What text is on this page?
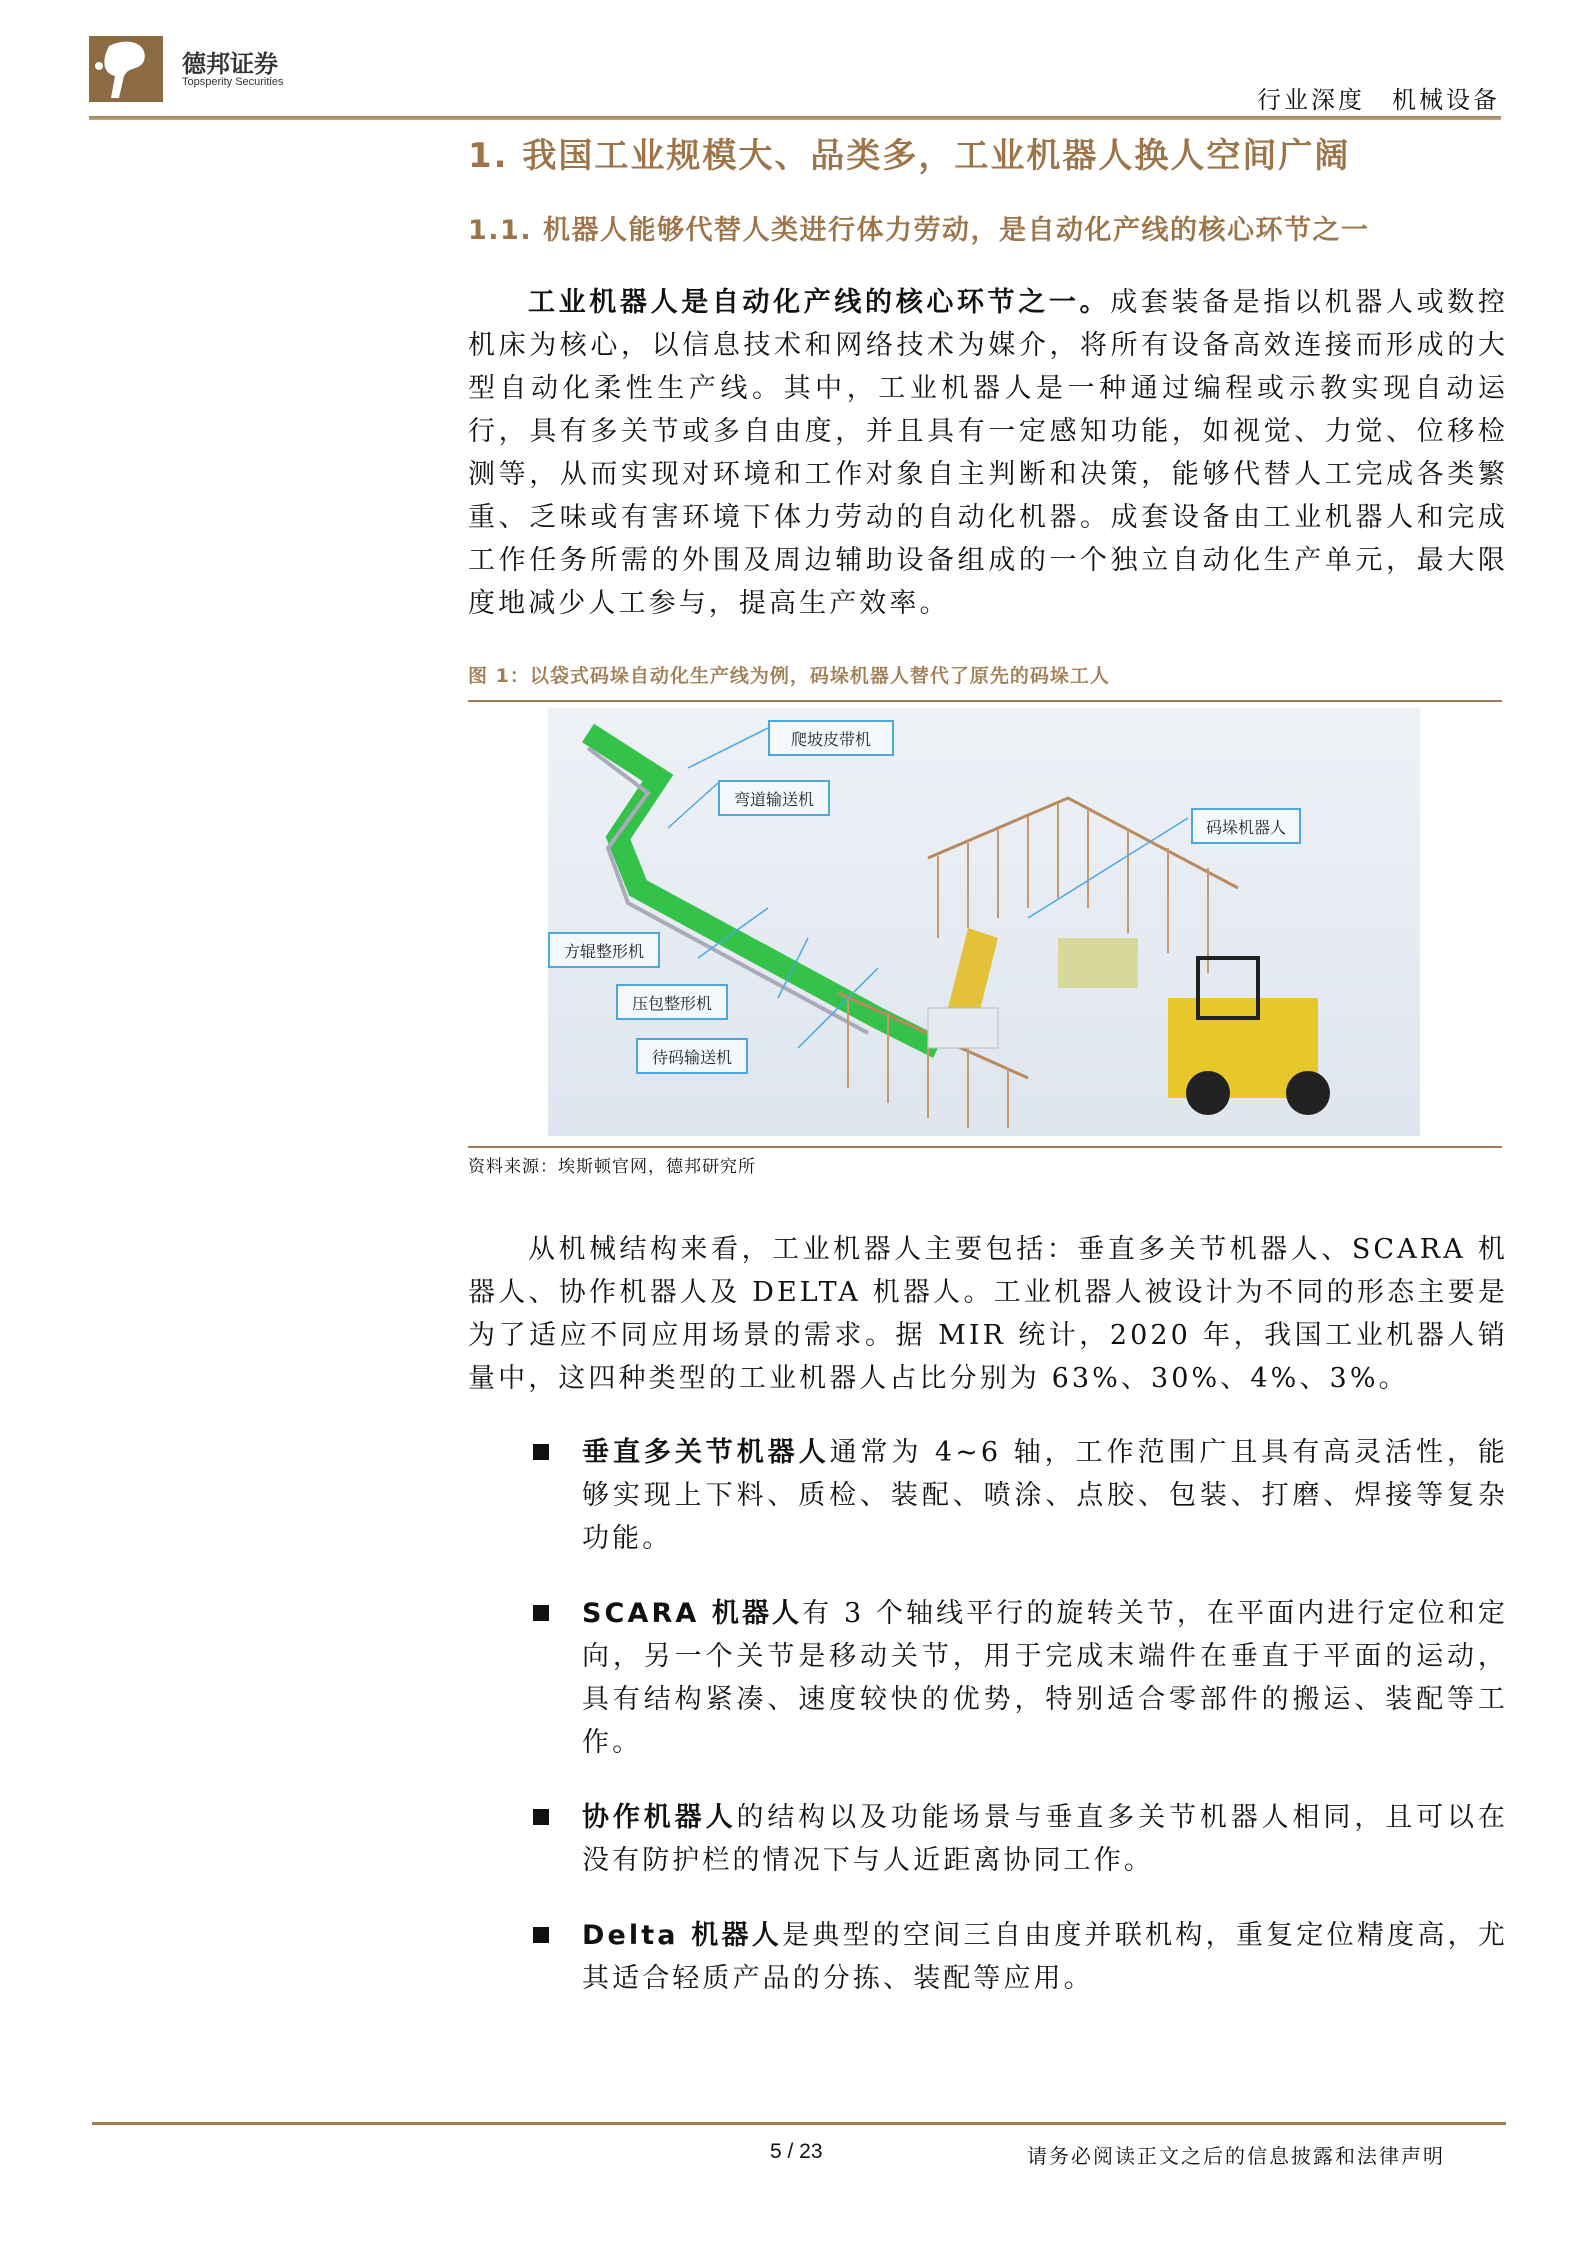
德邦证券
Topsperity Securities
行业深度　机械设备
1. 我国工业规模大、品类多，工业机器人换人空间广阔
1.1. 机器人能够代替人类进行体力劳动，是自动化产线的核心环节之一
工业机器人是自动化产线的核心环节之一。成套装备是指以机器人或数控机床为核心，以信息技术和网络技术为媒介，将所有设备高效连接而形成的大型自动化柔性生产线。其中，工业机器人是一种通过编程或示教实现自动运行，具有多关节或多自由度，并且具有一定感知功能，如视觉、力觉、位移检测等，从而实现对环境和工作对象自主判断和决策，能够代替人工完成各类繁重、乏味或有害环境下体力劳动的自动化机器。成套设备由工业机器人和完成工作任务所需的外围及周边辅助设备组成的一个独立自动化生产单元，最大限度地减少人工参与，提高生产效率。
图 1：以袋式码垛自动化生产线为例，码垛机器人替代了原先的码垛工人
爬坡皮带机
弯道输送机
码垛机器人
方辊整形机
压包整形机
待码输送机
资料来源：埃斯顿官网，德邦研究所
从机械结构来看，工业机器人主要包括：垂直多关节机器人、SCARA 机器人、协作机器人及 DELTA 机器人。工业机器人被设计为不同的形态主要是为了适应不同应用场景的需求。据 MIR 统计，2020 年，我国工业机器人销量中，这四种类型的工业机器人占比分别为 63%、30%、4%、3%。
垂直多关节机器人通常为 4~6 轴，工作范围广且具有高灵活性，能够实现上下料、质检、装配、喷涂、点胶、包装、打磨、焊接等复杂功能。
SCARA 机器人有 3 个轴线平行的旋转关节，在平面内进行定位和定向，另一个关节是移动关节，用于完成末端件在垂直于平面的运动，具有结构紧凑、速度较快的优势，特别适合零部件的搬运、装配等工作。
协作机器人的结构以及功能场景与垂直多关节机器人相同，且可以在没有防护栏的情况下与人近距离协同工作。
Delta 机器人是典型的空间三自由度并联机构，重复定位精度高，尤其适合轻质产品的分拣、装配等应用。
5 / 23	请务必阅读正文之后的信息披露和法律声明
